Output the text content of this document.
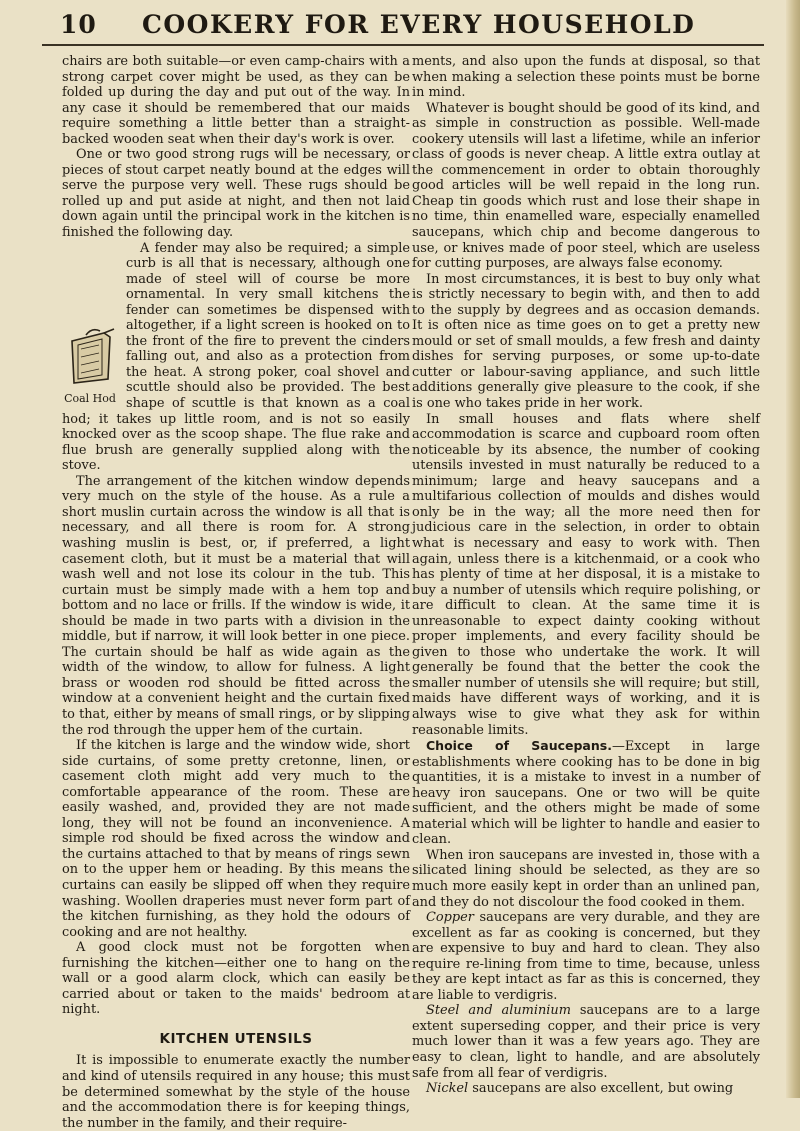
10 COOKERY FOR EVERY HOUSEHOLD

chairs are both suitable—or even camp-chairs with a strong carpet cover might be used, as they can be folded up during the day and put out of the way. In any case it should be remembered that our maids require something a little better than a straight-backed wooden seat when their day's work is over.

One or two good strong rugs will be necessary, or pieces of stout carpet neatly bound at the edges will serve the purpose very well. These rugs should be rolled up and put aside at night, and then not laid down again until the principal work in the kitchen is finished the following day.

Coal Hod

A fender may also be required; a simple curb is all that is necessary, although one made of steel will of course be more ornamental. In very small kitchens the fender can sometimes be dispensed with altogether, if a light screen is hooked on to the front of the fire to prevent the cinders falling out, and also as a protection from the heat. A strong poker, coal shovel and scuttle should also be provided. The best shape of scuttle is that known as a coal hod; it takes up little room, and is not so easily knocked over as the scoop shape. The flue rake and flue brush are generally supplied along with the stove.

The arrangement of the kitchen window depends very much on the style of the house. As a rule a short muslin curtain across the window is all that is necessary, and all there is room for. A strong washing muslin is best, or, if preferred, a light casement cloth, but it must be a material that will wash well and not lose its colour in the tub. This curtain must be simply made with a hem top and bottom and no lace or frills. If the window is wide, it should be made in two parts with a division in the middle, but if narrow, it will look better in one piece. The curtain should be half as wide again as the width of the window, to allow for fulness. A light brass or wooden rod should be fitted across the window at a convenient height and the curtain fixed to that, either by means of small rings, or by slipping the rod through the upper hem of the curtain.

If the kitchen is large and the window wide, short side curtains, of some pretty cretonne, linen, or casement cloth might add very much to the comfortable appearance of the room. These are easily washed, and, provided they are not made long, they will not be found an inconvenience. A simple rod should be fixed across the window and the curtains attached to that by means of rings sewn on to the upper hem or heading. By this means the curtains can easily be slipped off when they require washing. Woollen draperies must never form part of the kitchen furnishing, as they hold the odours of cooking and are not healthy.

A good clock must not be forgotten when furnishing the kitchen—either one to hang on the wall or a good alarm clock, which can easily be carried about or taken to the maids' bedroom at night.

KITCHEN UTENSILS

It is impossible to enumerate exactly the number and kind of utensils required in any house; this must be determined somewhat by the style of the house and the accommodation there is for keeping things, the number in the family, and their require-

ments, and also upon the funds at disposal, so that when making a selection these points must be borne in mind.

Whatever is bought should be good of its kind, and as simple in construction as possible. Well-made cookery utensils will last a lifetime, while an inferior class of goods is never cheap. A little extra outlay at the commencement in order to obtain thoroughly good articles will be well repaid in the long run. Cheap tin goods which rust and lose their shape in no time, thin enamelled ware, especially enamelled saucepans, which chip and become dangerous to use, or knives made of poor steel, which are useless for cutting purposes, are always false economy.

In most circumstances, it is best to buy only what is strictly necessary to begin with, and then to add to the supply by degrees and as occasion demands. It is often nice as time goes on to get a pretty new mould or set of small moulds, a few fresh and dainty dishes for serving purposes, or some up-to-date cutter or labour-saving appliance, and such little additions generally give pleasure to the cook, if she is one who takes pride in her work.

In small houses and flats where shelf accommodation is scarce and cupboard room often noticeable by its absence, the number of cooking utensils invested in must naturally be reduced to a minimum; large and heavy saucepans and a multifarious collection of moulds and dishes would only be in the way; all the more need then for judicious care in the selection, in order to obtain what is necessary and easy to work with. Then again, unless there is a kitchenmaid, or a cook who has plenty of time at her disposal, it is a mistake to buy a number of utensils which require polishing, or are difficult to clean. At the same time it is unreasonable to expect dainty cooking without proper implements, and every facility should be given to those who undertake the work. It will generally be found that the better the cook the smaller number of utensils she will require; but still, maids have different ways of working, and it is always wise to give what they ask for within reasonable limits.

Choice of Saucepans.—Except in large establishments where cooking has to be done in big quantities, it is a mistake to invest in a number of heavy iron saucepans. One or two will be quite sufficient, and the others might be made of some material which will be lighter to handle and easier to clean.

When iron saucepans are invested in, those with a silicated lining should be selected, as they are so much more easily kept in order than an unlined pan, and they do not discolour the food cooked in them.

Copper saucepans are very durable, and they are excellent as far as cooking is concerned, but they are expensive to buy and hard to clean. They also require re-lining from time to time, because, unless they are kept intact as far as this is concerned, they are liable to verdigris.

Steel and aluminium saucepans are to a large extent superseding copper, and their price is very much lower than it was a few years ago. They are easy to clean, light to handle, and are absolutely safe from all fear of verdigris.

Nickel saucepans are also excellent, but owing
